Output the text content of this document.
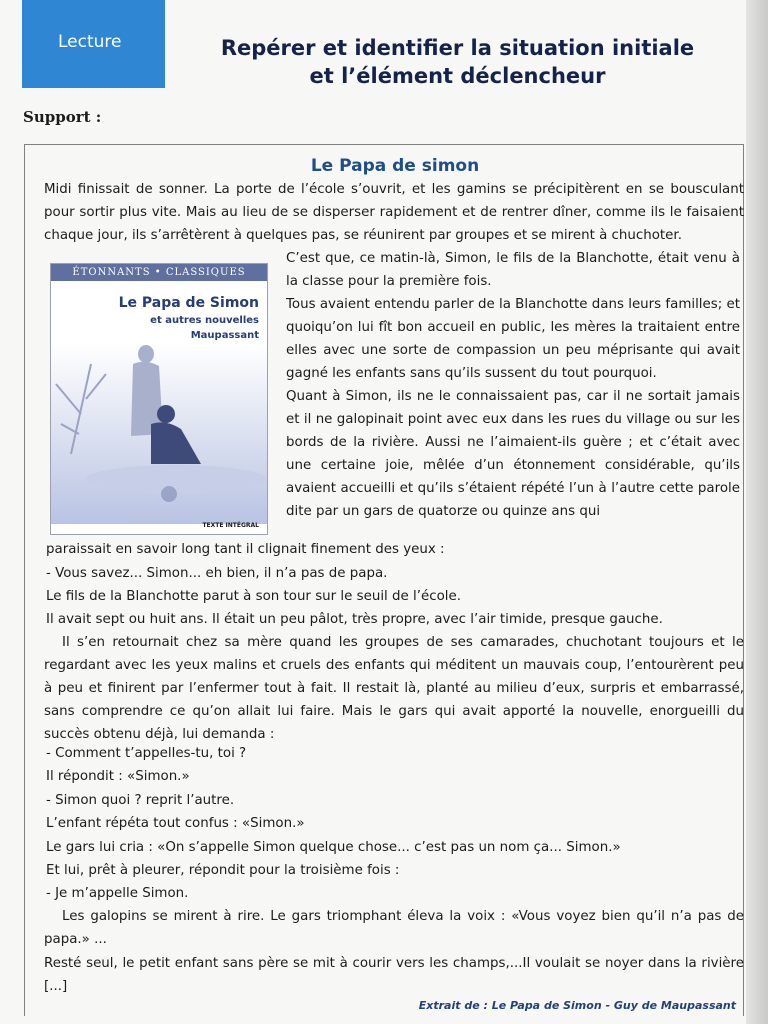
Lecture	Repérer et identifier la situation initiale
et l’élément déclencheur
Support :
Le Papa de simon

Midi finissait de sonner. La porte de l’école s’ouvrit, et les gamins se précipitèrent en se bousculant pour sortir plus vite. Mais au lieu de se disperser rapidement et de rentrer dîner, comme ils le faisaient chaque jour, ils s’arrêtèrent à quelques pas, se réunirent par groupes et se mirent à chuchoter.

ÉTONNANTS • CLASSIQUES
Le Papa de Simon
et autres nouvelles
Maupassant
TEXTE INTÉGRAL
C’est que, ce matin-là, Simon, le fils de la Blanchotte, était venu à la classe pour la première fois.
Tous avaient entendu parler de la Blanchotte dans leurs familles; et quoiqu’on lui fît bon accueil en public, les mères la traitaient entre elles avec une sorte de compassion un peu méprisante qui avait gagné les enfants sans qu’ils sussent du tout pourquoi.
Quant à Simon, ils ne le connaissaient pas, car il ne sortait jamais et il ne galopinait point avec eux dans les rues du village ou sur les bords de la rivière. Aussi ne l’aimaient-ils guère ; et c’était avec une certaine joie, mêlée d’un étonnement considérable, qu’ils avaient accueilli et qu’ils s’étaient répété l’un à l’autre cette parole dite par un gars de quatorze ou quinze ans qui
paraissait en savoir long tant il clignait finement des yeux :
- Vous savez... Simon... eh bien, il n’a pas de papa.
Le fils de la Blanchotte parut à son tour sur le seuil de l’école.
Il avait sept ou huit ans. Il était un peu pâlot, très propre, avec l’air timide, presque gauche.

Il s’en retournait chez sa mère quand les groupes de ses camarades, chuchotant toujours et le regardant avec les yeux malins et cruels des enfants qui méditent un mauvais coup, l’entourèrent peu à peu et finirent par l’enfermer tout à fait. Il restait là, planté au milieu d’eux, surpris et embarrassé, sans comprendre ce qu’on allait lui faire. Mais le gars qui avait apporté la nouvelle, enorgueilli du succès obtenu déjà, lui demanda :

- Comment t’appelles-tu, toi ?
Il répondit : «Simon.»
- Simon quoi ? reprit l’autre.
L’enfant répéta tout confus : «Simon.»
Le gars lui cria : «On s’appelle Simon quelque chose... c’est pas un nom ça... Simon.»
Et lui, prêt à pleurer, répondit pour la troisième fois :
- Je m’appelle Simon.

Les galopins se mirent à rire. Le gars triomphant éleva la voix : «Vous voyez bien qu’il n’a pas de papa.» ...

Resté seul, le petit enfant sans père se mit à courir vers les champs,...Il voulait se noyer dans la rivière [...]

Extrait de : Le Papa de Simon - Guy de Maupassant
